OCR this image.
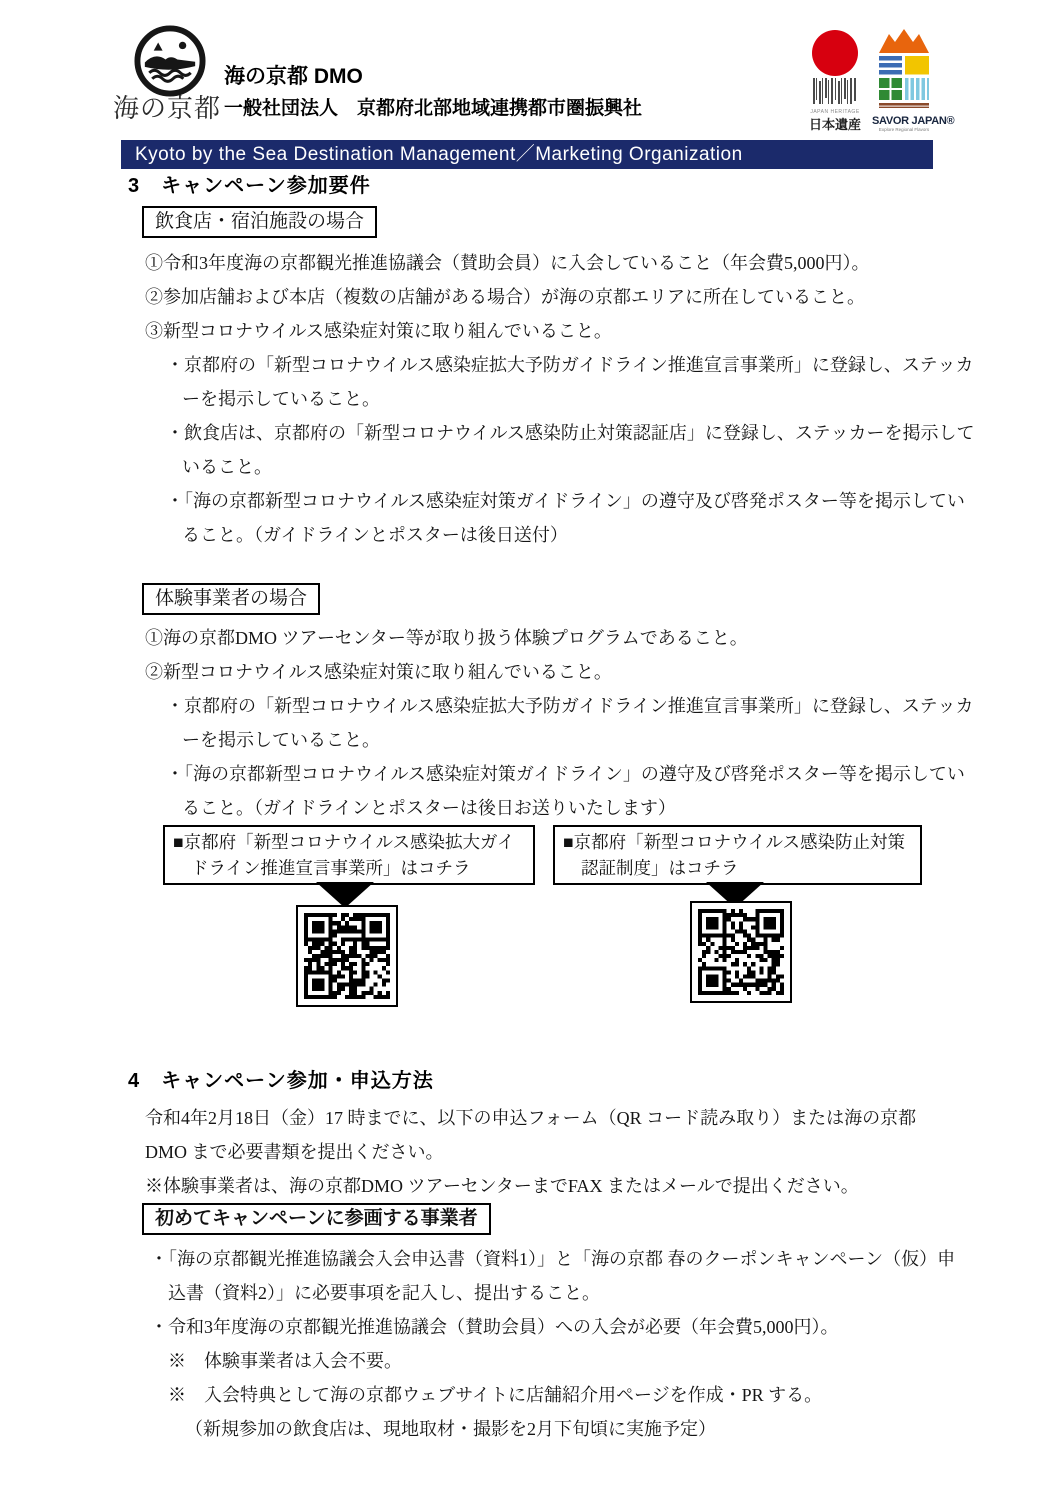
海の京都
海の京都 DMO
一般社団法人　京都府北部地域連携都市圏振興社	JAPAN HERITAGE
日本遺産 SAVOR JAPAN®
Explore Regional Flavors
Kyoto by the Sea Destination Management／Marketing Organization
3　キャンペーン参加要件
飲食店・宿泊施設の場合
①令和3年度海の京都観光推進協議会（賛助会員）に入会していること（年会費5,000円）。
②参加店舗および本店（複数の店舗がある場合）が海の京都エリアに所在していること。
③新型コロナウイルス感染症対策に取り組んでいること。
・京都府の「新型コロナウイルス感染症拡大予防ガイドライン推進宣言事業所」に登録し、ステッカ
ーを掲示していること。
・飲食店は、京都府の「新型コロナウイルス感染防止対策認証店」に登録し、ステッカーを掲示して
いること。
・「海の京都新型コロナウイルス感染症対策ガイドライン」の遵守及び啓発ポスター等を掲示してい
ること。（ガイドラインとポスターは後日送付）
体験事業者の場合
①海の京都DMO ツアーセンター等が取り扱う体験プログラムであること。
②新型コロナウイルス感染症対策に取り組んでいること。
・京都府の「新型コロナウイルス感染症拡大予防ガイドライン推進宣言事業所」に登録し、ステッカ
ーを掲示していること。
・「海の京都新型コロナウイルス感染症対策ガイドライン」の遵守及び啓発ポスター等を掲示してい
ること。（ガイドラインとポスターは後日お送りいたします）
■京都府「新型コロナウイルス感染拡大ガイ
ドライン推進宣言事業所」はコチラ
■京都府「新型コロナウイルス感染防止対策
認証制度」はコチラ
4　キャンペーン参加・申込方法
令和4年2月18日（金）17 時までに、以下の申込フォーム（QR コード読み取り）または海の京都
DMO まで必要書類を提出ください。
※体験事業者は、海の京都DMO ツアーセンターまでFAX またはメールで提出ください。
初めてキャンペーンに参画する事業者
・「海の京都観光推進協議会入会申込書（資料1）」と「海の京都 春のクーポンキャンペーン（仮）申
込書（資料2）」に必要事項を記入し、提出すること。
・令和3年度海の京都観光推進協議会（賛助会員）への入会が必要（年会費5,000円）。
※　体験事業者は入会不要。
※　入会特典として海の京都ウェブサイトに店舗紹介用ページを作成・PR する。
（新規参加の飲食店は、現地取材・撮影を2月下旬頃に実施予定）
